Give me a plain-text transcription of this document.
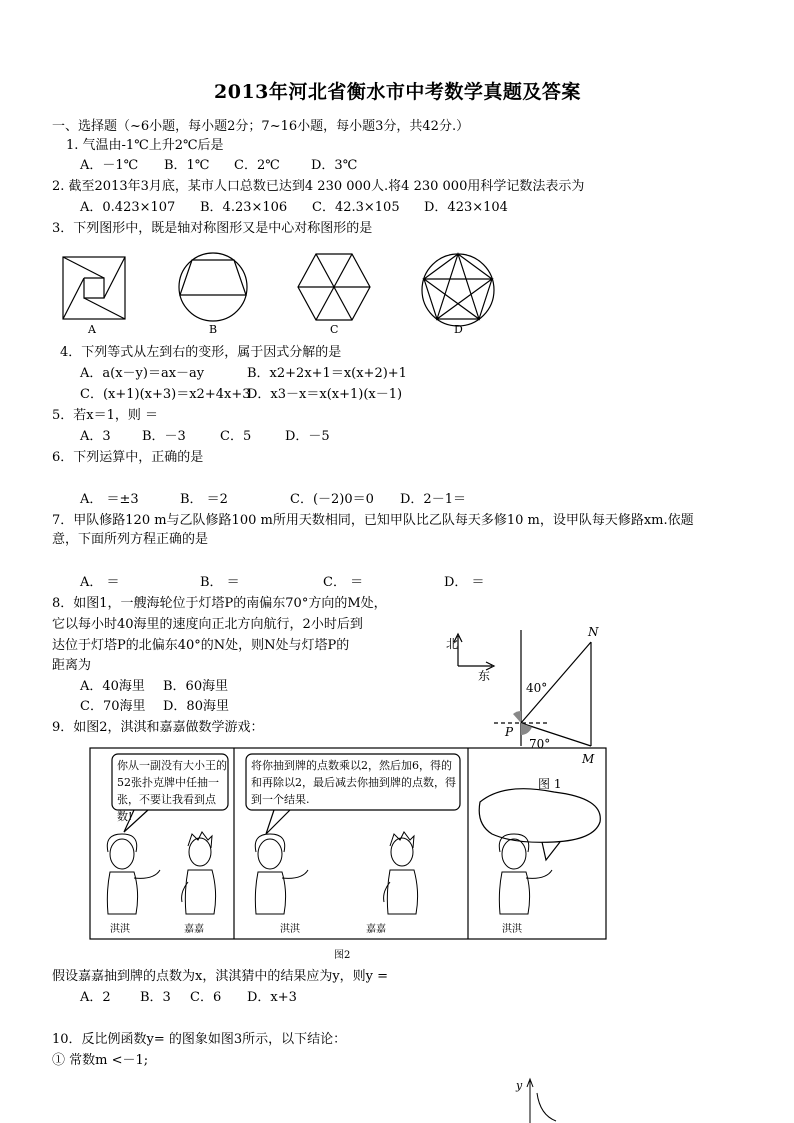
2013年河北省衡水市中考数学真题及答案
一、选择题（~6小题，每小题2分；7~16小题，每小题3分，共42分.）
1. 气温由-1℃上升2℃后是
A．－1℃ B．1℃ C．2℃ D．3℃
2. 截至2013年3月底，某市人口总数已达到4 230 000人.将4 230 000用科学记数法表示为
A．0.423×107 B．4.23×106 C．42.3×105 D．423×104
3．下列图形中，既是轴对称图形又是中心对称图形的是
A	B	C	D
4．下列等式从左到右的变形，属于因式分解的是
A．a(x－y)＝ax－ay	B．x2+2x+1＝x(x+2)+1
C．(x+1)(x+3)＝x2+4x+3
D．x3－x＝x(x+1)(x－1)
5．若x＝1，则 ＝
A．3 B．－3	C．5	D．－5
6．下列运算中，正确的是
A． ＝±3	B． ＝2	C．(－2)0＝0 D．2－1＝
7．甲队修路120 m与乙队修路100 m所用天数相同，已知甲队比乙队每天多修10 m，设甲队每天修路xm.依题
意，下面所列方程正确的是
A． ＝	B． ＝	C． ＝	D． ＝
8．如图1，一艘海轮位于灯塔P的南偏东70°方向的M处，
它以每小时40海里的速度向正北方向航行，2小时后到
达位于灯塔P的北偏东40°的N处，则N处与灯塔P的
距离为
A．40海里 B．60海里
C．70海里 D．80海里
北
东
N
P
M
40°
70°
图 1
9．如图2，淇淇和嘉嘉做数学游戏：
淇淇	嘉嘉	淇淇	嘉嘉	淇淇
你从一副没有大小王的52张扑克牌中任抽一张，不要让我看到点数!
将你抽到牌的点数乘以2，然后加6，得的和再除以2，最后减去你抽到牌的点数，得到一个结果.
图2
假设嘉嘉抽到牌的点数为x，淇淇猜中的结果应为y，则y =
A．2 B．3 C．6 D．x+3
10．反比例函数y= 的图象如图3所示，以下结论：
① 常数m <－1;
y
